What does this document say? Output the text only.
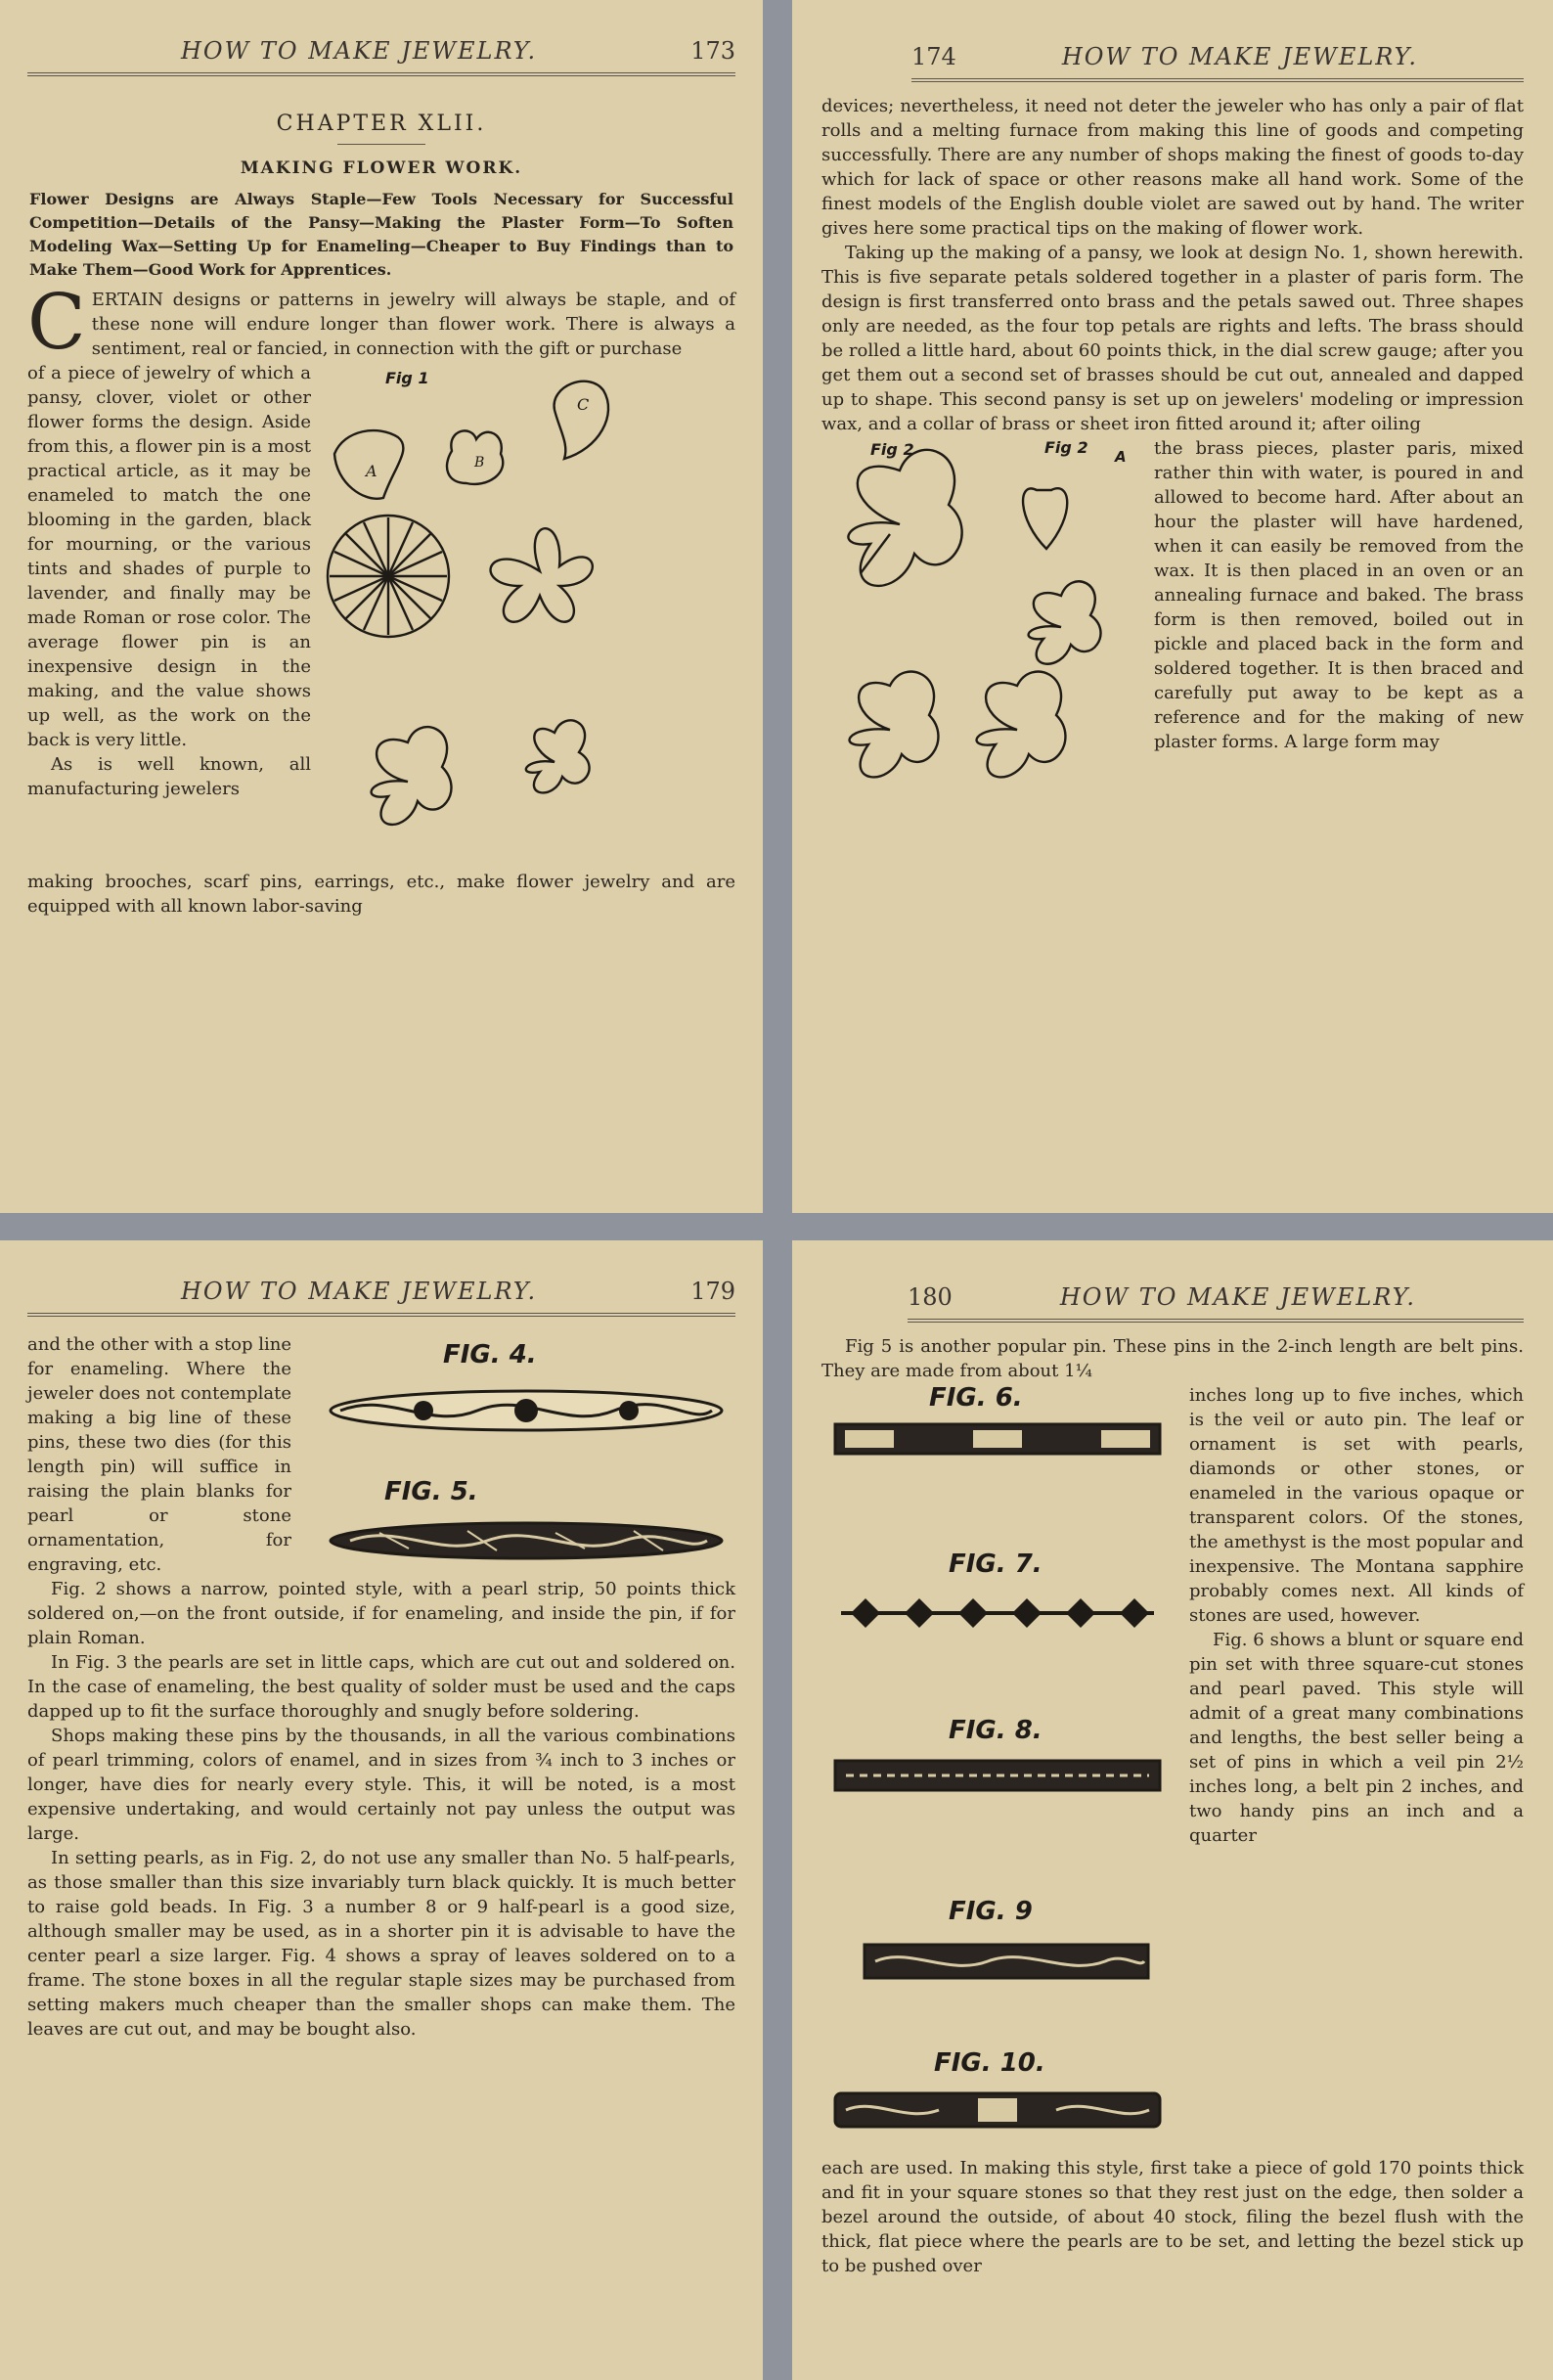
HOW TO MAKE JEWELRY.	173
CHAPTER XLII.
MAKING FLOWER WORK.
Flower Designs are Always Staple—Few Tools Necessary for Successful Competition—Details of the Pansy—Making the Plaster Form—To Soften Modeling Wax—Setting Up for Enameling—Cheaper to Buy Findings than to Make Them—Good Work for Apprentices.

CERTAIN designs or patterns in jewelry will always be staple, and of these none will endure longer than flower work. There is always a sentiment, real or fancied, in connection with the gift or purchase

of a piece of jewelry of which a pansy, clover, violet or other flower forms the design. Aside from this, a flower pin is a most practical article, as it may be enameled to match the one blooming in the garden, black for mourning, or the various tints and shades of purple to lavender, and finally may be made Roman or rose color. The average flower pin is an inexpensive design in the making, and the value shows up well, as the work on the back is very little.

As is well known, all manufacturing jewelers

Fig 1
A	B
C

making brooches, scarf pins, earrings, etc., make flower jewelry and are equipped with all known labor-saving

174	HOW TO MAKE JEWELRY.

devices; nevertheless, it need not deter the jeweler who has only a pair of flat rolls and a melting furnace from making this line of goods and competing successfully. There are any number of shops making the finest of goods to-day which for lack of space or other reasons make all hand work. Some of the finest models of the English double violet are sawed out by hand. The writer gives here some practical tips on the making of flower work.

Taking up the making of a pansy, we look at design No. 1, shown herewith. This is five separate petals soldered together in a plaster of paris form. The design is first transferred onto brass and the petals sawed out. Three shapes only are needed, as the four top petals are rights and lefts. The brass should be rolled a little hard, about 60 points thick, in the dial screw gauge; after you get them out a second set of brasses should be cut out, annealed and dapped up to shape. This second pansy is set up on jewelers' modeling or impression wax, and a collar of brass or sheet iron fitted around it; after oiling

Fig 2	Fig 2 A the brass pieces, plaster paris, mixed rather thin with water, is poured in and allowed to become hard. After about an hour the plaster will have hardened, when it can easily be removed from the wax. It is then placed in an oven or an annealing furnace and baked. The brass form is then removed, boiled out in pickle and placed back in the form and soldered together. It is then braced and carefully put away to be kept as a reference and for the making of new plaster forms. A large form may

HOW TO MAKE JEWELRY.	179

and the other with a stop line for enameling. Where the jeweler does not contemplate making a big line of these pins, these two dies (for this length pin) will suffice in raising the plain blanks for pearl or stone ornamentation, for engraving, etc.

FIG. 4.
FIG. 5.

Fig. 2 shows a narrow, pointed style, with a pearl strip, 50 points thick soldered on,—on the front outside, if for enameling, and inside the pin, if for plain Roman.

In Fig. 3 the pearls are set in little caps, which are cut out and soldered on. In the case of enameling, the best quality of solder must be used and the caps dapped up to fit the surface thoroughly and snugly before soldering.

Shops making these pins by the thousands, in all the various combinations of pearl trimming, colors of enamel, and in sizes from ¾ inch to 3 inches or longer, have dies for nearly every style. This, it will be noted, is a most expensive undertaking, and would certainly not pay unless the output was large.

In setting pearls, as in Fig. 2, do not use any smaller than No. 5 half-pearls, as those smaller than this size invariably turn black quickly. It is much better to raise gold beads. In Fig. 3 a number 8 or 9 half-pearl is a good size, although smaller may be used, as in a shorter pin it is advisable to have the center pearl a size larger. Fig. 4 shows a spray of leaves soldered on to a frame. The stone boxes in all the regular staple sizes may be purchased from setting makers much cheaper than the smaller shops can make them. The leaves are cut out, and may be bought also.

180	HOW TO MAKE JEWELRY.

Fig 5 is another popular pin. These pins in the 2-inch length are belt pins. They are made from about 1¼

FIG. 6.
FIG. 7.
FIG. 8.
FIG. 9
FIG. 10.

inches long up to five inches, which is the veil or auto pin. The leaf or ornament is set with pearls, diamonds or other stones, or enameled in the various opaque or transparent colors. Of the stones, the amethyst is the most popular and inexpensive. The Montana sapphire probably comes next. All kinds of stones are used, however.

Fig. 6 shows a blunt or square end pin set with three square-cut stones and pearl paved. This style will admit of a great many combinations and lengths, the best seller being a set of pins in which a veil pin 2½ inches long, a belt pin 2 inches, and two handy pins an inch and a quarter

each are used. In making this style, first take a piece of gold 170 points thick and fit in your square stones so that they rest just on the edge, then solder a bezel around the outside, of about 40 stock, filing the bezel flush with the thick, flat piece where the pearls are to be set, and letting the bezel stick up to be pushed over
